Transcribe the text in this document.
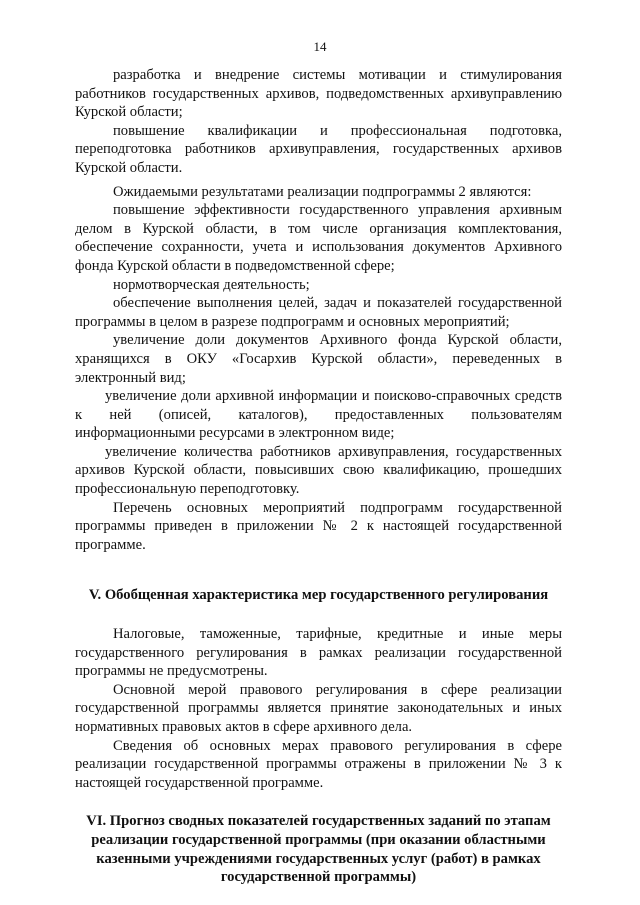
14

разработка и внедрение системы мотивации и стимулирования работников государственных архивов, подведомственных архивуправлению Курской области;

повышение квалификации и профессиональная подготовка, переподготовка работников архивуправления, государственных архивов Курской области.

Ожидаемыми результатами реализации подпрограммы 2 являются:

повышение эффективности государственного управления архивным делом в Курской области, в том числе организация комплектования, обеспечение сохранности, учета и использования документов Архивного фонда Курской области в подведомственной сфере;

нормотворческая деятельность;

обеспечение выполнения целей, задач и показателей государственной программы в целом в разрезе подпрограмм и основных мероприятий;

увеличение доли документов Архивного фонда Курской области, хранящихся в ОКУ «Госархив Курской области», переведенных в электронный вид;

увеличение доли архивной информации и поисково-справочных средств к ней (описей, каталогов), предоставленных пользователям информационными ресурсами в электронном виде;

увеличение количества работников архивуправления, государственных архивов Курской области, повысивших свою квалификацию, прошедших профессиональную переподготовку.

Перечень основных мероприятий подпрограмм государственной программы приведен в приложении № 2 к настоящей государственной программе.

V. Обобщенная характеристика мер государственного регулирования

Налоговые, таможенные, тарифные, кредитные и иные меры государственного регулирования в рамках реализации государственной программы не предусмотрены.

Основной мерой правового регулирования в сфере реализации государственной программы является принятие законодательных и иных нормативных правовых актов в сфере архивного дела.

Сведения об основных мерах правового регулирования в сфере реализации государственной программы отражены в приложении № 3 к настоящей государственной программе.

VI. Прогноз сводных показателей государственных заданий по этапам реализации государственной программы (при оказании областными казенными учреждениями государственных услуг (работ) в рамках государственной программы)
